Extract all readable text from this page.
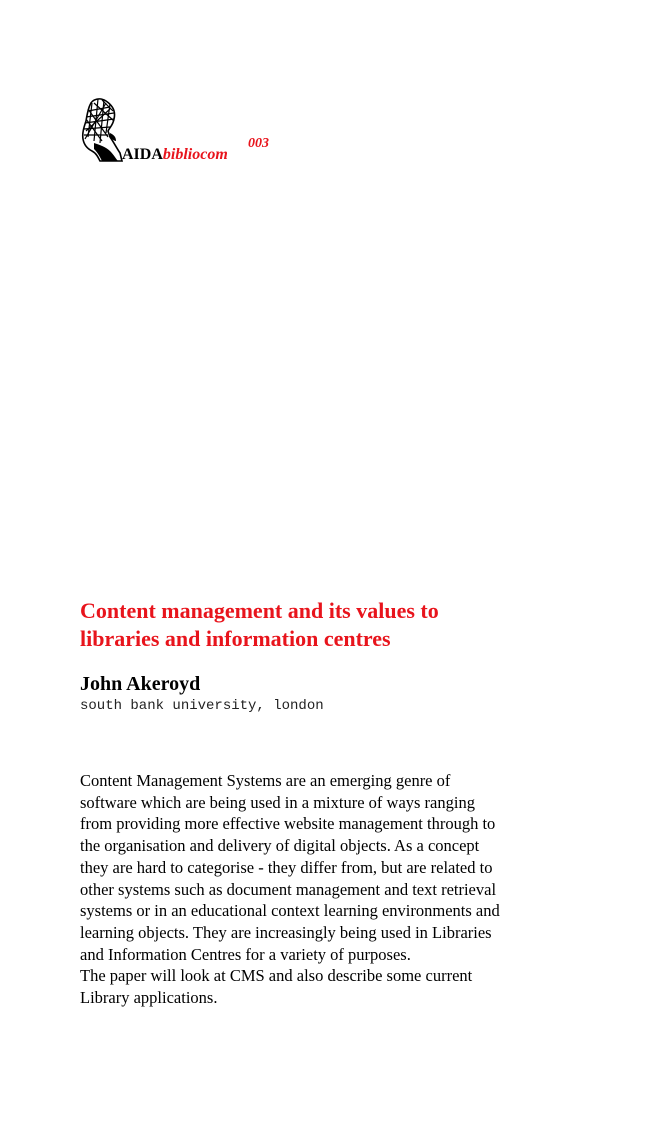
AIDAbibliocom
003
Content management and its values to
libraries and information centres

John Akeroyd

south bank university, london

Content Management Systems are an emerging genre of
software which are being used in a mixture of ways ranging
from providing more effective website management through to
the organisation and delivery of digital objects. As a concept
they are hard to categorise - they differ from, but are related to
other systems such as document management and text retrieval
systems or in an educational context learning environments and
learning objects. They are increasingly being used in Libraries
and Information Centres for a variety of purposes.
The paper will look at CMS and also describe some current
Library applications.
